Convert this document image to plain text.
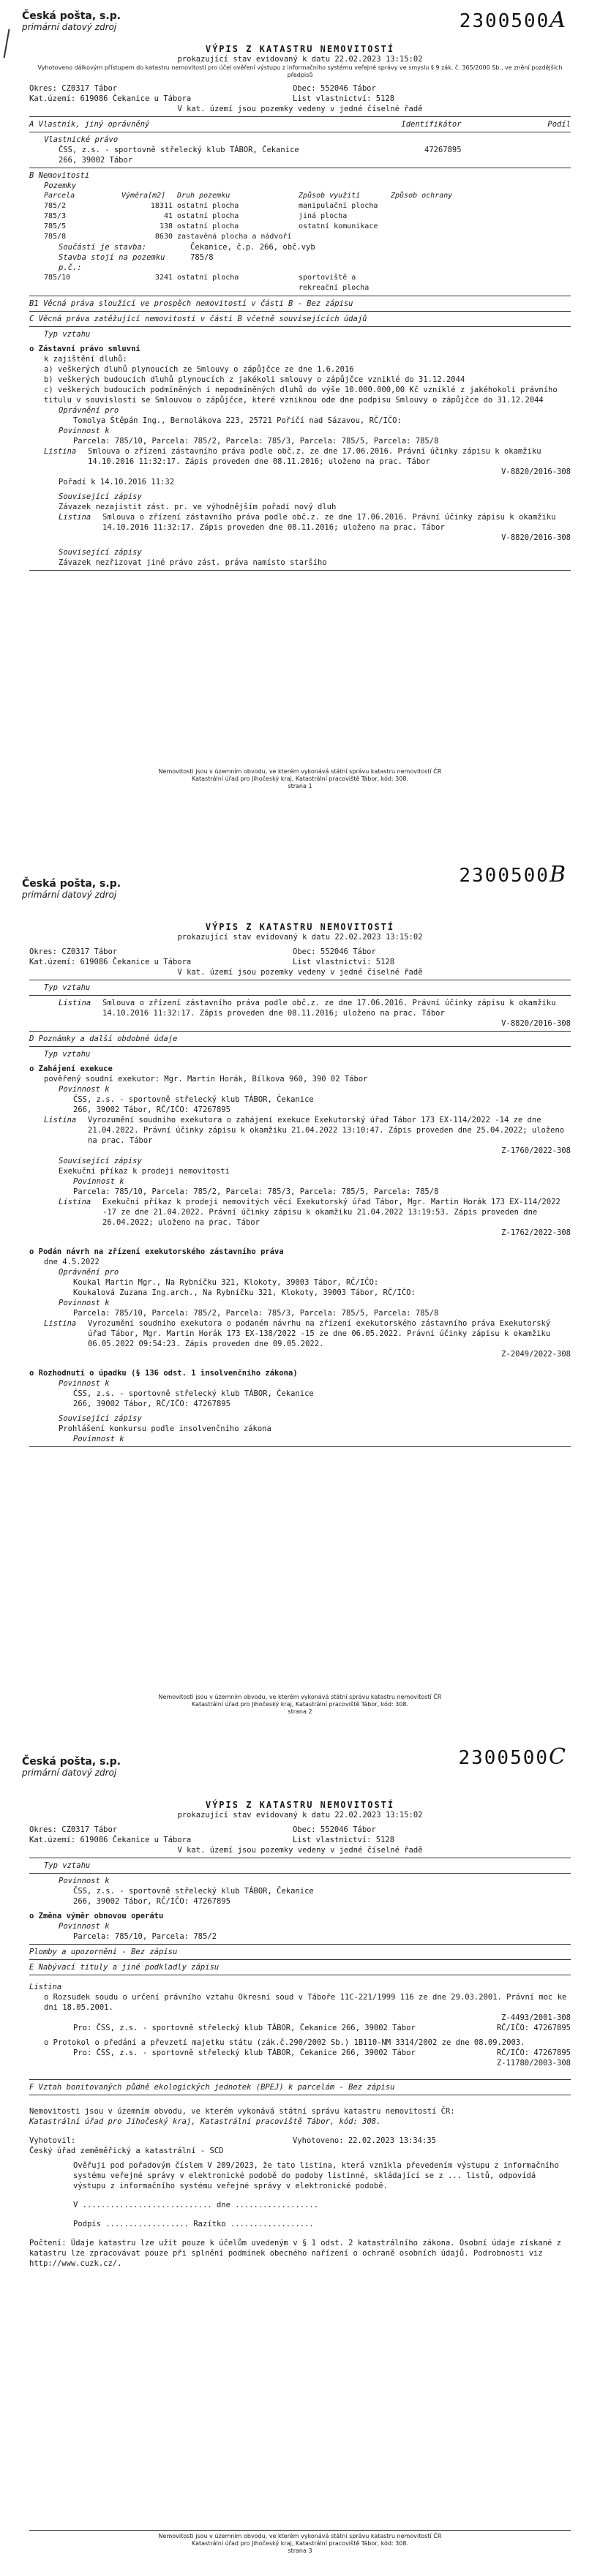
Česká pošta, s.p.
primární datový zdroj	2300500A

VÝPIS Z KATASTRU NEMOVITOSTÍ

prokazující stav evidovaný k datu 22.02.2023 13:15:02

Vyhotoveno dálkovým přístupem do katastru nemovitostí pro účel ověření výstupu z informačního systému veřejné správy ve smyslu § 9 zák. č. 365/2000 Sb., ve znění pozdějších předpisů

Okres: CZ0317 Tábor	Obec: 552046 Tábor
Kat.území: 619086 Čekanice u Tábora	List vlastnictví: 5128

V kat. území jsou pozemky vedeny v jedné číselné řadě

A Vlastník, jiný oprávněný	Identifikátor	Podíl

Vlastnické právo

ČSS, z.s. - sportovně střelecký klub TÁBOR, Čekanice	47267895

266, 39002 Tábor

B Nemovitosti

Pozemky

Parcela	Výměra[m2]	Druh pozemku	Způsob využití	Způsob ochrany
785/2	18311	ostatní plocha	manipulační plocha	
785/3	41	ostatní plocha	jiná plocha	
785/5	138	ostatní plocha	ostatní komunikace	
785/8	8630	zastavěná plocha a nádvoří		
Součástí je stavba:	Čekanice, č.p. 266, obč.vyb
Stavba stojí na pozemku p.č.:
785/8
785/10	3241	ostatní plocha	sportoviště a rekreační plocha	

B1 Věcná práva sloužící ve prospěch nemovitostí v části B - Bez zápisu

C Věcná práva zatěžující nemovitosti v části B včetně souvisejících údajů

Typ vztahu

o Zástavní právo smluvní

k zajištění dluhů:

a) veškerých dluhů plynoucích ze Smlouvy o zápůjčce ze dne 1.6.2016

b) veškerých budoucích dluhů plynoucích z jakékoli smlouvy o zápůjčce vzniklé do 31.12.2044

c) veškerých budoucích podmíněných i nepodmíněných dluhů do výše 10.000.000,00 Kč vzniklé z jakéhokoli právního titulu v souvislosti se Smlouvou o zápůjčce, které vzniknou ode dne podpisu Smlouvy o zápůjčce do 31.12.2044

Oprávnění pro

Tomolya Štěpán Ing., Bernolákova 223, 25721 Poříčí nad Sázavou, RČ/IČO:

Povinnost k

Parcela: 785/10, Parcela: 785/2, Parcela: 785/3, Parcela: 785/5, Parcela: 785/8

Listina	Smlouva o zřízení zástavního práva podle obč.z. ze dne 17.06.2016. Právní účinky zápisu k okamžiku 14.10.2016 11:32:17. Zápis proveden dne 08.11.2016; uloženo na prac. Tábor

V-8820/2016-308

Pořadí k 14.10.2016 11:32

Související zápisy

Závazek nezajistit zást. pr. ve výhodnějším pořadí nový dluh

Listina	Smlouva o zřízení zástavního práva podle obč.z. ze dne 17.06.2016. Právní účinky zápisu k okamžiku 14.10.2016 11:32:17. Zápis proveden dne 08.11.2016; uloženo na prac. Tábor

V-8820/2016-308

Související zápisy

Závazek nezřizovat jiné právo zást. práva namísto staršího

Nemovitosti jsou v územním obvodu, ve kterém vykonává státní správu katastru nemovitostí ČR
Katastrální úřad pro Jihočeský kraj, Katastrální pracoviště Tábor, kód: 308.
strana 1
Česká pošta, s.p.
primární datový zdroj
2300500B

VÝPIS Z KATASTRU NEMOVITOSTÍ

prokazující stav evidovaný k datu 22.02.2023 13:15:02

Okres: CZ0317 Tábor	Obec: 552046 Tábor
Kat.území: 619086 Čekanice u Tábora	List vlastnictví: 5128

V kat. území jsou pozemky vedeny v jedné číselné řadě

Typ vztahu

Listina	Smlouva o zřízení zástavního práva podle obč.z. ze dne 17.06.2016. Právní účinky zápisu k okamžiku 14.10.2016 11:32:17. Zápis proveden dne 08.11.2016; uloženo na prac. Tábor

V-8820/2016-308

D Poznámky a další obdobné údaje

Typ vztahu

o Zahájení exekuce

pověřený soudní exekutor: Mgr. Martin Horák, Bílkova 960, 390 02 Tábor

Povinnost k

ČSS, z.s. - sportovně střelecký klub TÁBOR, Čekanice

266, 39002 Tábor, RČ/IČO: 47267895

Listina	Vyrozumění soudního exekutora o zahájení exekuce Exekutorský úřad Tábor 173 EX-114/2022 -14 ze dne 21.04.2022. Právní účinky zápisu k okamžiku 21.04.2022 13:10:47. Zápis proveden dne 25.04.2022; uloženo na prac. Tábor

Z-1760/2022-308

Související zápisy

Exekuční příkaz k prodeji nemovitosti

Povinnost k

Parcela: 785/10, Parcela: 785/2, Parcela: 785/3, Parcela: 785/5, Parcela: 785/8

Listina	Exekuční příkaz k prodeji nemovitých věcí Exekutorský úřad Tábor, Mgr. Martin Horák 173 EX-114/2022 -17 ze dne 21.04.2022. Právní účinky zápisu k okamžiku 21.04.2022 13:19:53. Zápis proveden dne 26.04.2022; uloženo na prac. Tábor

Z-1762/2022-308

o Podán návrh na zřízení exekutorského zástavního práva

dne 4.5.2022

Oprávnění pro

Koukal Martin Mgr., Na Rybníčku 321, Klokoty, 39003 Tábor, RČ/IČO:

Koukalová Zuzana Ing.arch., Na Rybníčku 321, Klokoty, 39003 Tábor, RČ/IČO:

Povinnost k

Parcela: 785/10, Parcela: 785/2, Parcela: 785/3, Parcela: 785/5, Parcela: 785/8

Listina	Vyrozumění soudního exekutora o podaném návrhu na zřízení exekutorského zástavního práva Exekutorský úřad Tábor, Mgr. Martin Horák 173 EX-138/2022 -15 ze dne 06.05.2022. Právní účinky zápisu k okamžiku 06.05.2022 09:54:23. Zápis proveden dne 09.05.2022.

Z-2049/2022-308

o Rozhodnutí o úpadku (§ 136 odst. 1 insolvenčního zákona)

Povinnost k

ČSS, z.s. - sportovně střelecký klub TÁBOR, Čekanice

266, 39002 Tábor, RČ/IČO: 47267895

Související zápisy

Prohlášení konkursu podle insolvenčního zákona

Povinnost k

Nemovitosti jsou v územním obvodu, ve kterém vykonává státní správu katastru nemovitostí ČR
Katastrální úřad pro Jihočeský kraj, Katastrální pracoviště Tábor, kód: 308.
strana 2
Česká pošta, s.p.
primární datový zdroj
2300500C

VÝPIS Z KATASTRU NEMOVITOSTÍ

prokazující stav evidovaný k datu 22.02.2023 13:15:02

Okres: CZ0317 Tábor	Obec: 552046 Tábor
Kat.území: 619086 Čekanice u Tábora	List vlastnictví: 5128

V kat. území jsou pozemky vedeny v jedné číselné řadě

Typ vztahu

Povinnost k

ČSS, z.s. - sportovně střelecký klub TÁBOR, Čekanice

266, 39002 Tábor, RČ/IČO: 47267895

o Změna výměr obnovou operátu

Povinnost k

Parcela: 785/10, Parcela: 785/2

Plomby a upozornění - Bez zápisu

E Nabývací tituly a jiné podkladly zápisu

Listina

o Rozsudek soudu o určení právního vztahu Okresní soud v Táboře 11C-221/1999 116 ze dne 29.03.2001. Právní moc ke dni 18.05.2001.

Z-4493/2001-308

Pro: ČSS, z.s. - sportovně střelecký klub TÁBOR, Čekanice 266, 39002 Tábor	RČ/IČO: 47267895

o Protokol o předání a převzetí majetku státu (zák.č.290/2002 Sb.) 1B110-NM 3314/2002 ze dne 08.09.2003.

Pro: ČSS, z.s. - sportovně střelecký klub TÁBOR, Čekanice 266, 39002 Tábor	RČ/IČO: 47267895

Z-11780/2003-308

F Vztah bonitovaných půdně ekologických jednotek (BPEJ) k parcelám - Bez zápisu

Nemovitosti jsou v územním obvodu, ve kterém vykonává státní správu katastru nemovitostí ČR:

Katastrální úřad pro Jihočeský kraj, Katastrální pracoviště Tábor, kód: 308.

Vyhotovil:	Vyhotoveno: 22.02.2023 13:34:35

Český úřad zeměměřický a katastrální - SCD

Ověřuji pod pořadovým číslem V 209/2023, že tato listina, která vznikla převedením výstupu z informačního systému veřejné správy v elektronické podobě do podoby listinné, skládající se z ... listů, odpovídá výstupu z informačního systému veřejné správy v elektronické podobě.

V ............................ dne ..................

Podpis .................. Razítko ..................

Počtení: Údaje katastru lze užít pouze k účelům uvedeným v § 1 odst. 2 katastrálního zákona. Osobní údaje získané z katastru lze zpracovávat pouze při splnění podmínek obecného nařízení o ochraně osobních údajů. Podrobnosti viz http://www.cuzk.cz/.

Nemovitosti jsou v územním obvodu, ve kterém vykonává státní správu katastru nemovitostí ČR
Katastrální úřad pro Jihočeský kraj, Katastrální pracoviště Tábor, kód: 308.
strana 3
